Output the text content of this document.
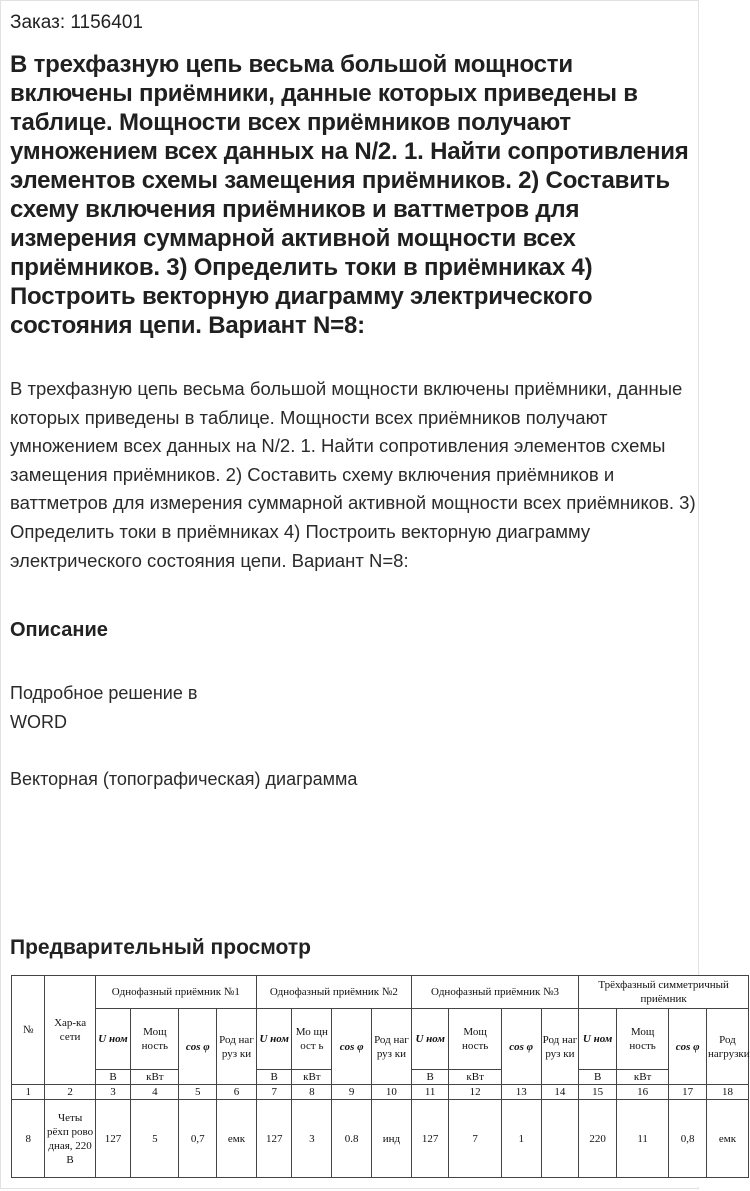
Заказ: 1156401
В трехфазную цепь весьма большой мощности включены приёмники, данные которых приведены в таблице. Мощности всех приёмников получают умножением всех данных на N/2. 1. Найти сопротивления элементов схемы замещения приёмников. 2) Составить схему включения приёмников и ваттметров для измерения суммарной активной мощности всех приёмников. 3) Определить токи в приёмниках 4) Построить векторную диаграмму электрического состояния цепи. Вариант N=8:

В трехфазную цепь весьма большой мощности включены приёмники, данные которых приведены в таблице. Мощности всех приёмников получают умножением всех данных на N/2. 1. Найти сопротивления элементов схемы замещения приёмников. 2) Составить схему включения приёмников и ваттметров для измерения суммарной активной мощности всех приёмников. 3) Определить токи в приёмниках 4) Построить векторную диаграмму электрического состояния цепи. Вариант N=8:

Описание
Подробное решение в
WORD
Векторная (топографическая) диаграмма
Предварительный просмотр
№	Хар-ка сети	Однофазный приёмник №1				Однофазный приёмник №2				Однофазный приёмник №3				Трёхфазный симметричный приёмник			
		U ном	Мощ ность	cos φ	Род наг руз ки	U ном	Мо щн ост ь	cos φ	Род наг руз ки	U ном	Мощ ность	cos φ	Род наг руз ки	U ном	Мощ ность	cos φ	Род нагрузки
		В	кВт			В	кВт			В	кВт			В	кВт		
1	2	3	4	5	6	7	8	9	10	11	12	13	14	15	16	17	18
8	Четы рёхп рово дная, 220 В	127	5	0,7	емк	127	3	0.8	инд	127	7	1		220	11	0,8	емк
